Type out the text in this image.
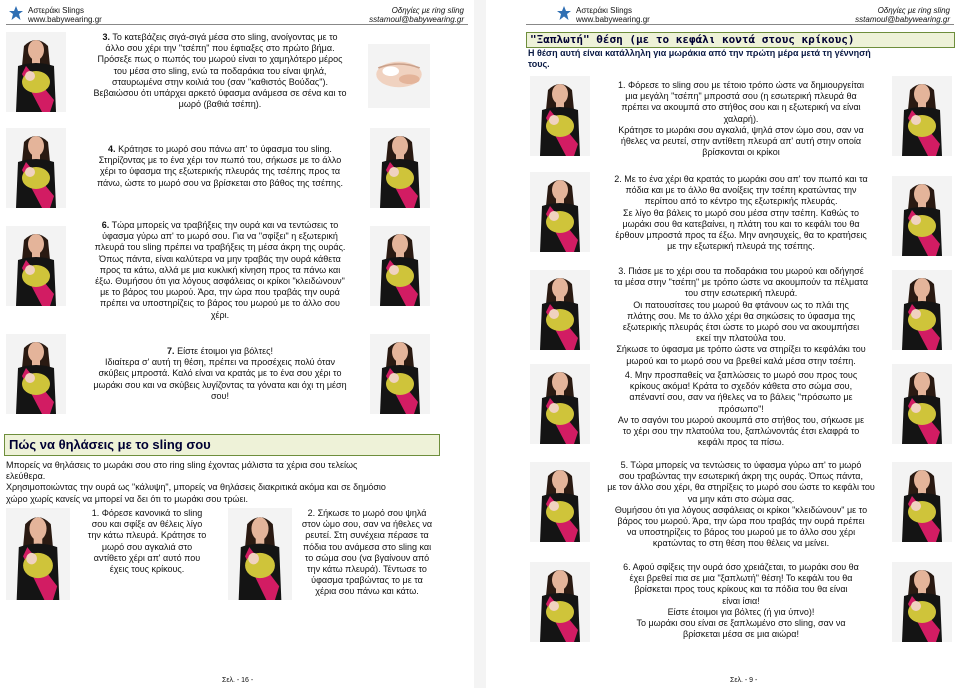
Αστεράκι Slings
www.babywearing.gr
Οδηγίες με ring sling
sstamoul@babywearing.gr
3. Το κατεβάζεις σιγά-σιγά μέσα στο sling, ανοίγοντας με το
άλλο σου χέρι την "τσέπη" που έφτιαξες στο πρώτο βήμα.
Πρόσεξε πως ο πωπός του μωρού είναι το χαμηλότερο μέρος
του μέσα στο sling, ενώ τα ποδαράκια του είναι ψηλά,
σταυρωμένα στην κοιλιά του (σαν "καθιστός Βούδας").
Βεβαιώσου ότι υπάρχει αρκετό ύφασμα ανάμεσα σε σένα και το
μωρό (βαθιά τσέπη).
4. Κράτησε το μωρό σου πάνω απ' το ύφασμα του sling.
Στηρίζοντας με το ένα χέρι τον πωπό του, σήκωσε με το άλλο
χέρι το ύφασμα της εξωτερικής πλευράς της τσέπης προς τα
πάνω, ώστε το μωρό σου να βρίσκεται στο βάθος της τσέπης.
6. Τώρα μπορείς να τραβήξεις την ουρά και να τεντώσεις το
ύφασμα γύρω απ' το μωρό σου. Για να "σφίξει" η εξωτερική
πλευρά του sling πρέπει να τραβήξεις τη μέσα άκρη της ουράς.
Όπως πάντα, είναι καλύτερα να μην τραβάς την ουρά κάθετα
προς τα κάτω, αλλά με μια κυκλική κίνηση προς τα πάνω και
έξω. Θυμήσου ότι για λόγους ασφάλειας οι κρίκοι "κλειδώνουν"
με το βάρος του μωρού. Άρα, την ώρα που τραβάς την ουρά
πρέπει να υποστηρίζεις το βάρος του μωρού με το άλλο σου
χέρι.
7. Είστε έτοιμοι για βόλτες!
Ιδιαίτερα σ' αυτή τη θέση, πρέπει να προσέχεις πολύ όταν
σκύβεις μπροστά. Καλό είναι να κρατάς με το ένα σου χέρι το
μωράκι σου και να σκύβεις λυγίζοντας τα γόνατα και όχι τη μέση
σου!
Πώς να θηλάσεις με το sling σου
Μπορείς να θηλάσεις το μωράκι σου στο ring sling έχοντας μάλιστα τα χέρια σου τελείως
ελεύθερα.
Χρησιμοποιώντας την ουρά ως "κάλυψη", μπορείς να θηλάσεις διακριτικά ακόμα και σε δημόσιο
χώρο χωρίς κανείς να μπορεί να δει ότι το μωράκι σου τρώει.
1. Φόρεσε κανονικά το sling
σου και σφίξε αν θέλεις λίγο
την κάτω πλευρά. Κράτησε το
μωρό σου αγκαλιά στο
αντίθετο χέρι απ' αυτό που
έχεις τους κρίκους.
2. Σήκωσε το μωρό σου ψηλά
στον ώμο σου, σαν να ήθελες να
ρευτεί. Στη συνέχεια πέρασε τα
πόδια του ανάμεσα στο sling και
το σώμα σου (να βγαίνουν από
την κάτω πλευρά). Τέντωσε το
ύφασμα τραβώντας το με τα
χέρια σου πάνω και κάτω.
Σελ. - 16 -
Αστεράκι Slings
www.babywearing.gr
Οδηγίες με ring sling
sstamoul@babywearing.gr
"Ξαπλωτή" θέση (με το κεφάλι κοντά στους κρίκους)
Η θέση αυτή είναι κατάλληλη για μωράκια από την πρώτη μέρα μετά τη γέννησή
τους.
1. Φόρεσε το sling σου με τέτοιο τρόπο ώστε να δημιουργείται
μια μεγάλη "τσέπη" μπροστά σου (η εσωτερική πλευρά θα
πρέπει να ακουμπά στο στήθος σου και η εξωτερική να είναι
χαλαρή).
Κράτησε το μωράκι σου αγκαλιά, ψηλά στον ώμο σου, σαν να
ήθελες να ρευτεί, στην αντίθετη πλευρά απ' αυτή στην οποία
βρίσκονται οι κρίκοι
2. Με το ένα χέρι θα κρατάς το μωράκι σου απ' τον πωπό και τα
πόδια και με το άλλο θα ανοίξεις την τσέπη κρατώντας την
περίπου από το κέντρο της εξωτερικής πλευράς.
Σε λίγο θα βάλεις το μωρό σου μέσα στην τσέπη. Καθώς το
μωράκι σου θα κατεβαίνει, η πλάτη του και το κεφάλι του θα
έρθουν μπροστά προς τα έξω. Μην ανησυχείς, θα το κρατήσεις
με την εξωτερική πλευρά της τσέπης.
3. Πιάσε με το χέρι σου τα ποδαράκια του μωρού και οδήγησέ
τα μέσα στην "τσέπη" με τρόπο ώστε να ακουμπούν τα πέλματα
του στην εσωτερική πλευρά.
Οι πατουσίτσες του μωρού θα φτάνουν ως το πλάι της
πλάτης σου. Με το άλλο χέρι θα σηκώσεις το ύφασμα της
εξωτερικής πλευράς έτσι ώστε το μωρό σου να ακουμπήσει
εκεί την πλατούλα του.
Σήκωσε το ύφασμα με τρόπο ώστε να στηρίξει το κεφάλάκι του
μωρού και το μωρό σου να βρεθεί καλά μέσα στην τσέπη.
4. Μην προσπαθείς να ξαπλώσεις το μωρό σου προς τους
κρίκους ακόμα! Κράτα το σχεδόν κάθετα στο σώμα σου,
απέναντί σου, σαν να ήθελες να το βάλεις "πρόσωπο με
πρόσωπο"!
Αν το σαγόνι του μωρού ακουμπά στο στήθος του, σήκωσε με
το χέρι σου την πλατούλα του, ξαπλώνοντάς έτσι ελαφρά το
κεφάλι προς τα πίσω.
5. Τώρα μπορείς να τεντώσεις το ύφασμα γύρω απ' το μωρό
σου τραβώντας την εσωτερική άκρη της ουράς. Όπως πάντα,
με τον άλλο σου χέρι, θα στηρίξεις το μωρό σου ώστε το κεφάλι του
να μην κάτι στο σώμα σας.
Θυμήσου ότι για λόγους ασφάλειας οι κρίκοι "κλειδώνουν" με το
βάρος του μωρού. Άρα, την ώρα που τραβάς την ουρά πρέπει
να υποστηρίζεις το βάρος του μωρού με το άλλο σου χέρι
κρατώντας το στη θέση που θέλεις να μείνει.
6. Αφού σφίξεις την ουρά όσο χρειάζεται, το μωράκι σου θα
έχει βρεθεί πια σε μια "ξαπλωτή" θέση! Το κεφάλι του θα
βρίσκεται προς τους κρίκους και τα πόδια του θα είναι
είναι ίσια!
Είστε έτοιμοι για βόλτες (ή για ύπνο)!
Το μωράκι σου είναι σε ξαπλωμένο στο sling, σαν να
βρίσκεται μέσα σε μια αιώρα!
Σελ. - 9 -
